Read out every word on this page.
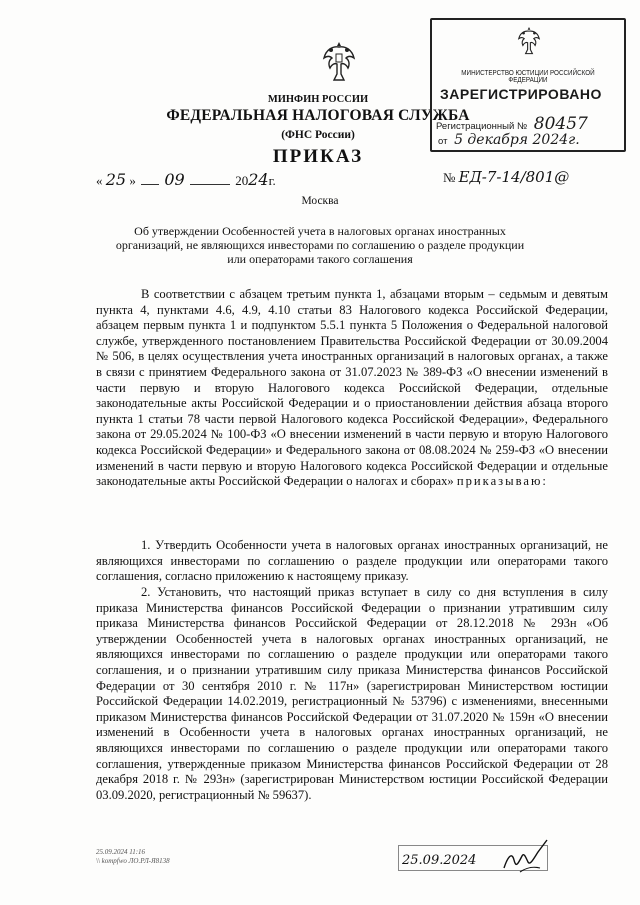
МИНФИН РОССИИ
ФЕДЕРАЛЬНАЯ НАЛОГОВАЯ СЛУЖБА
(ФНС России)
ПРИКАЗ
« 25 » 09	2024г.	№ ЕД-7-14/801@
Москва
Об утверждении Особенностей учета в налоговых органах иностранных организаций, не являющихся инвесторами по соглашению о разделе продукции или операторами такого соглашения

В соответствии с абзацем третьим пункта 1, абзацами вторым – седьмым и девятым пункта 4, пунктами 4.6, 4.9, 4.10 статьи 83 Налогового кодекса Российской Федерации, абзацем первым пункта 1 и подпунктом 5.5.1 пункта 5 Положения о Федеральной налоговой службе, утвержденного постановлением Правительства Российской Федерации от 30.09.2004 № 506, в целях осуществления учета иностранных организаций в налоговых органах, а также в связи с принятием Федерального закона от 31.07.2023 № 389-ФЗ «О внесении изменений в части первую и вторую Налогового кодекса Российской Федерации, отдельные законодательные акты Российской Федерации и о приостановлении действия абзаца второго пункта 1 статьи 78 части первой Налогового кодекса Российской Федерации», Федерального закона от 29.05.2024 № 100-ФЗ «О внесении изменений в части первую и вторую Налогового кодекса Российской Федерации» и Федерального закона от 08.08.2024 № 259-ФЗ «О внесении изменений в части первую и вторую Налогового кодекса Российской Федерации и отдельные законодательные акты Российской Федерации о налогах и сборах» приказываю:

1. Утвердить Особенности учета в налоговых органах иностранных организаций, не являющихся инвесторами по соглашению о разделе продукции или операторами такого соглашения, согласно приложению к настоящему приказу.

2. Установить, что настоящий приказ вступает в силу со дня вступления в силу приказа Министерства финансов Российской Федерации о признании утратившим силу приказа Министерства финансов Российской Федерации от 28.12.2018 № 293н «Об утверждении Особенностей учета в налоговых органах иностранных организаций, не являющихся инвесторами по соглашению о разделе продукции или операторами такого соглашения, и о признании утратившим силу приказа Министерства финансов Российской Федерации от 30 сентября 2010 г. № 117н» (зарегистрирован Министерством юстиции Российской Федерации 14.02.2019, регистрационный № 53796) с изменениями, внесенными приказом Министерства финансов Российской Федерации от 31.07.2020 № 159н «О внесении изменений в Особенности учета в налоговых органах иностранных организаций, не являющихся инвесторами по соглашению о разделе продукции или операторами такого соглашения, утвержденные приказом Министерства финансов Российской Федерации от 28 декабря 2018 г. № 293н» (зарегистрирован Министерством юстиции Российской Федерации 03.09.2020, регистрационный № 59637).

МИНИСТЕРСТВО ЮСТИЦИИ РОССИЙСКОЙ ФЕДЕРАЦИИ
ЗАРЕГИСТРИРОВАНО
Регистрационный № 80457
от 5 декабря 2024г.
25.09.2024 11:16
\\ kompfwo ЛО.РЛ-Я8138	25.09.2024
